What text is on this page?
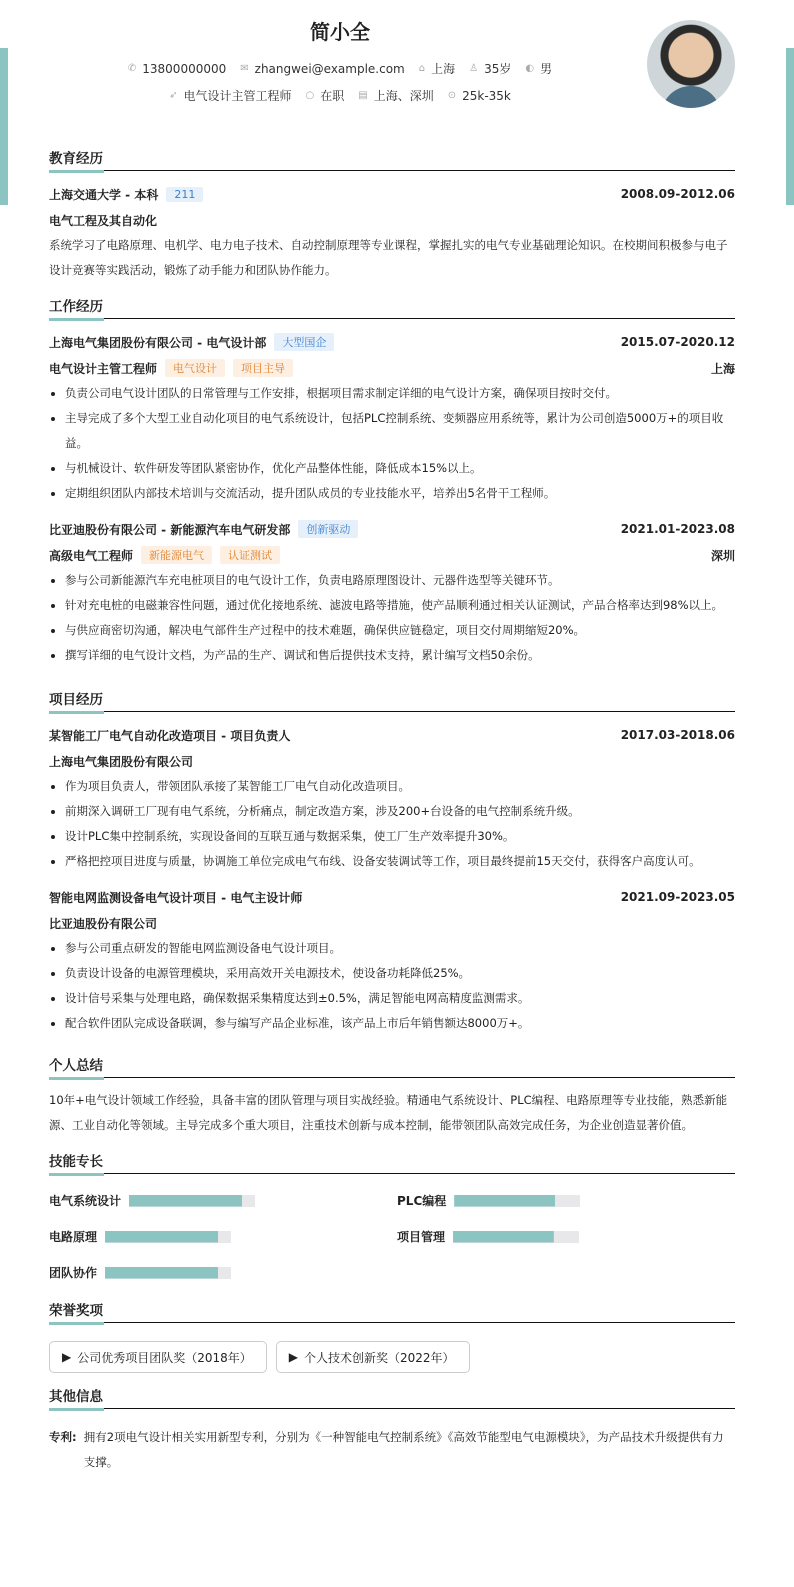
简小全
✆ 13800000000 ✉ zhangwei@example.com ⌂ 上海 ♙ 35岁 ◐ 男
➶ 电气设计主管工程师 ○ 在职 ▤ 上海、深圳 ⊙ 25k-35k
教育经历
上海交通大学 - 本科	211	2008.09-2012.06
电气工程及其自动化
系统学习了电路原理、电机学、电力电子技术、自动控制原理等专业课程，掌握扎实的电气专业基础理论知识。在校期间积极参与电子设计竞赛等实践活动，锻炼了动手能力和团队协作能力。
工作经历
上海电气集团股份有限公司 - 电气设计部	大型国企	2015.07-2020.12
电气设计主管工程师	电气设计	项目主导	上海
负责公司电气设计团队的日常管理与工作安排，根据项目需求制定详细的电气设计方案，确保项目按时交付。
主导完成了多个大型工业自动化项目的电气系统设计，包括PLC控制系统、变频器应用系统等，累计为公司创造5000万+的项目收益。
与机械设计、软件研发等团队紧密协作，优化产品整体性能，降低成本15%以上。
定期组织团队内部技术培训与交流活动，提升团队成员的专业技能水平，培养出5名骨干工程师。
比亚迪股份有限公司 - 新能源汽车电气研发部	创新驱动	2021.01-2023.08
高级电气工程师	新能源电气	认证测试	深圳
参与公司新能源汽车充电桩项目的电气设计工作，负责电路原理图设计、元器件选型等关键环节。
针对充电桩的电磁兼容性问题，通过优化接地系统、滤波电路等措施，使产品顺利通过相关认证测试，产品合格率达到98%以上。
与供应商密切沟通，解决电气部件生产过程中的技术难题，确保供应链稳定，项目交付周期缩短20%。
撰写详细的电气设计文档，为产品的生产、调试和售后提供技术支持，累计编写文档50余份。
项目经历
某智能工厂电气自动化改造项目 - 项目负责人	2017.03-2018.06
上海电气集团股份有限公司
作为项目负责人，带领团队承接了某智能工厂电气自动化改造项目。
前期深入调研工厂现有电气系统，分析痛点，制定改造方案，涉及200+台设备的电气控制系统升级。
设计PLC集中控制系统，实现设备间的互联互通与数据采集，使工厂生产效率提升30%。
严格把控项目进度与质量，协调施工单位完成电气布线、设备安装调试等工作，项目最终提前15天交付，获得客户高度认可。
智能电网监测设备电气设计项目 - 电气主设计师	2021.09-2023.05
比亚迪股份有限公司
参与公司重点研发的智能电网监测设备电气设计项目。
负责设计设备的电源管理模块，采用高效开关电源技术，使设备功耗降低25%。
设计信号采集与处理电路，确保数据采集精度达到±0.5%，满足智能电网高精度监测需求。
配合软件团队完成设备联调，参与编写产品企业标准，该产品上市后年销售额达8000万+。
个人总结
10年+电气设计领域工作经验，具备丰富的团队管理与项目实战经验。精通电气系统设计、PLC编程、电路原理等专业技能，熟悉新能源、工业自动化等领域。主导完成多个重大项目，注重技术创新与成本控制，能带领团队高效完成任务，为企业创造显著价值。
技能专长
电气系统设计	PLC编程
电路原理	项目管理
团队协作
荣誉奖项
▶ 公司优秀项目团队奖（2018年）	▶ 个人技术创新奖（2022年）
其他信息
专利: 拥有2项电气设计相关实用新型专利，分别为《一种智能电气控制系统》《高效节能型电气电源模块》，为产品技术升级提供有力支撑。
